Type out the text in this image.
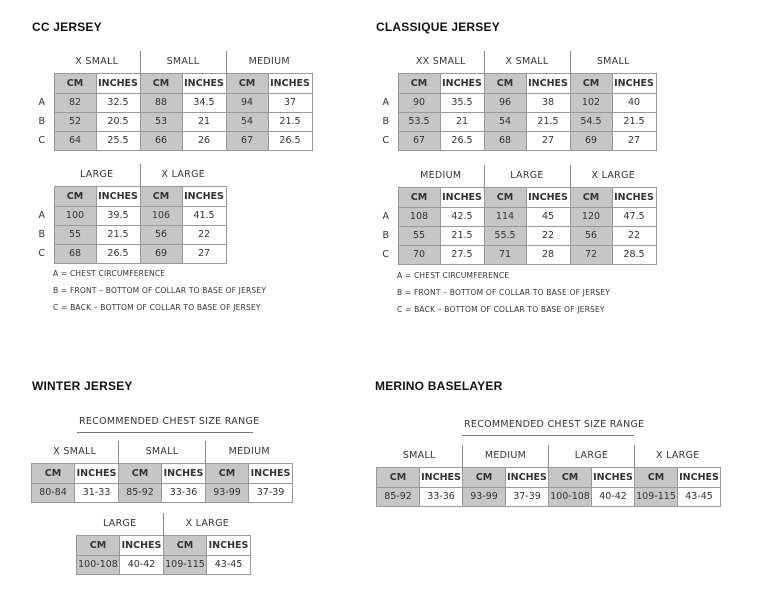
CC JERSEY	CLASSIQUE JERSEY
WINTER JERSEY	MERINO BASELAYER
	X SMALL		SMALL		MEDIUM	
	CM	INCHES	CM	INCHES	CM	INCHES
A	82	32.5	88	34.5	94	37
B	52	20.5	53	21	54	21.5
C	64	25.5	66	26	67	26.5
	LARGE		X LARGE	
	CM	INCHES	CM	INCHES
A	100	39.5	106	41.5
B	55	21.5	56	22
C	68	26.5	69	27
	XX SMALL		X SMALL		SMALL	
	CM	INCHES	CM	INCHES	CM	INCHES
A	90	35.5	96	38	102	40
B	53.5	21	54	21.5	54.5	21.5
C	67	26.5	68	27	69	27
	MEDIUM		LARGE		X LARGE	
	CM	INCHES	CM	INCHES	CM	INCHES
A	108	42.5	114	45	120	47.5
B	55	21.5	55.5	22	56	22
C	70	27.5	71	28	72	28.5
X SMALL		SMALL		MEDIUM	
CM	INCHES	CM	INCHES	CM	INCHES
80-84	31-33	85-92	33-36	93-99	37-39
LARGE		X LARGE	
CM	INCHES	CM	INCHES
100-108	40-42	109-115	43-45
SMALL		MEDIUM		LARGE		X LARGE	
CM	INCHES	CM	INCHES	CM	INCHES	CM	INCHES
85-92	33-36	93-99	37-39	100-108	40-42	109-115	43-45
A = CHEST CIRCUMFERENCE
B = FRONT – BOTTOM OF COLLAR TO BASE OF JERSEY
C = BACK – BOTTOM OF COLLAR TO BASE OF JERSEY
A = CHEST CIRCUMFERENCE
B = FRONT – BOTTOM OF COLLAR TO BASE OF JERSEY
C = BACK – BOTTOM OF COLLAR TO BASE OF JERSEY
RECOMMENDED CHEST SIZE RANGE	RECOMMENDED CHEST SIZE RANGE
